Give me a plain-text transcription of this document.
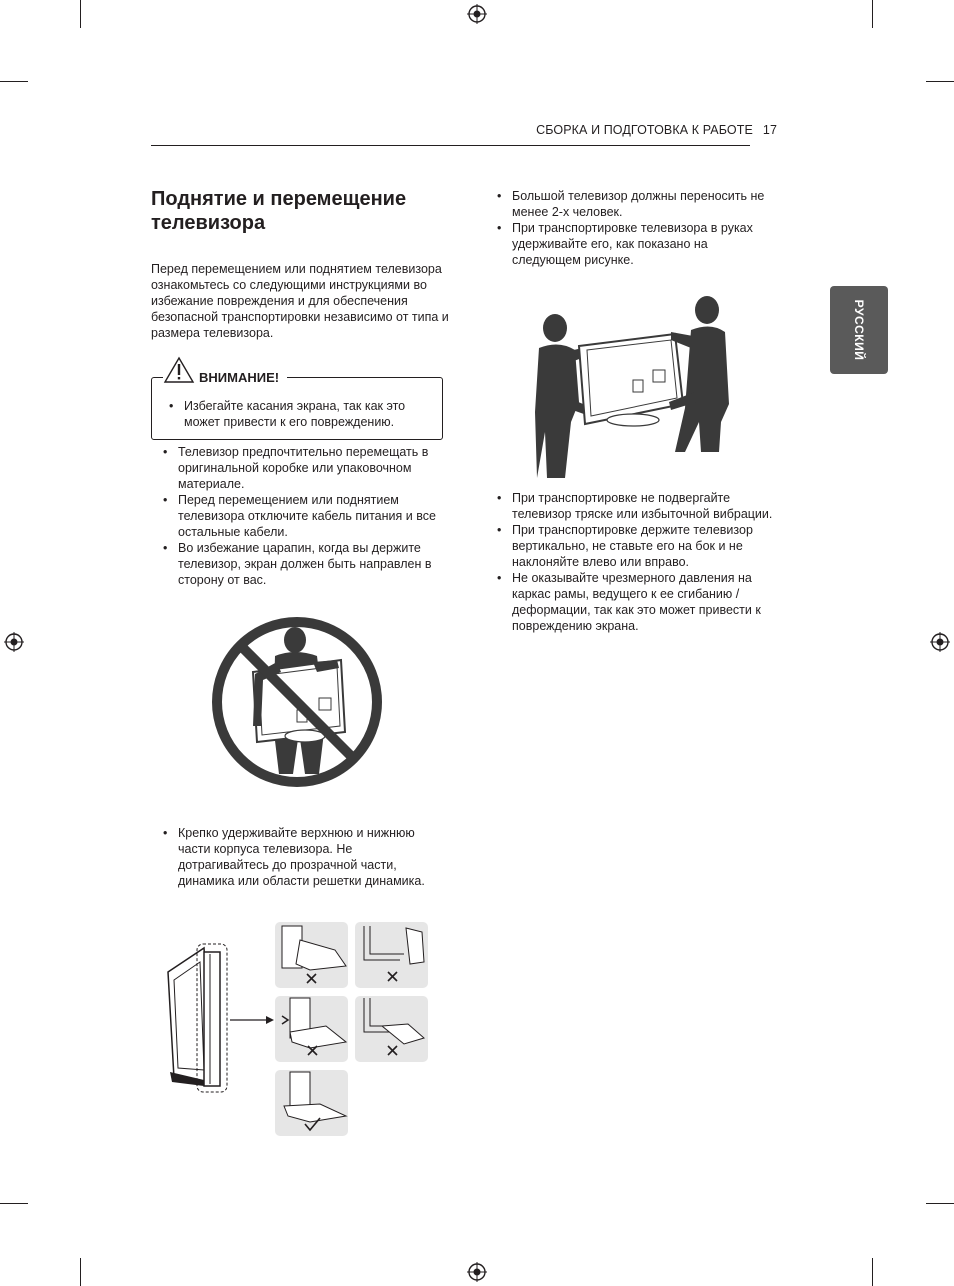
СБОРКА И ПОДГОТОВКА К РАБОТЕ 17
РУССКИЙ
Поднятие и перемещение телевизора
Перед перемещением или поднятием телевизора ознакомьтесь со следующими инструкциями во избежание повреждения и для обеспечения безопасной транспортировки независимо от типа и размера телевизора.
• Избегайте касания экрана, так как это может привести к его повреждению.
ВНИМАНИЕ!
• Телевизор предпочтительно перемещать в оригинальной коробке или упаковочном материале.
• Перед перемещением или поднятием телевизора отключите кабель питания и все остальные кабели.
• Во избежание царапин, когда вы держите телевизор, экран должен быть направлен в сторону от вас.
• Крепко удерживайте верхнюю и нижнюю части корпуса телевизора. Не дотрагивайтесь до прозрачной части, динамика или области решетки динамика.
• Большой телевизор должны переносить не менее 2-х человек.
• При транспортировке телевизора в руках удерживайте его, как показано на следующем рисунке.
• При транспортировке не подвергайте телевизор тряске или избыточной вибрации.
• При транспортировке держите телевизор вертикально, не ставьте его на бок и не наклоняйте влево или вправо.
• Не оказывайте чрезмерного давления на каркас рамы, ведущего к ее сгибанию / деформации, так как это может привести к повреждению экрана.
